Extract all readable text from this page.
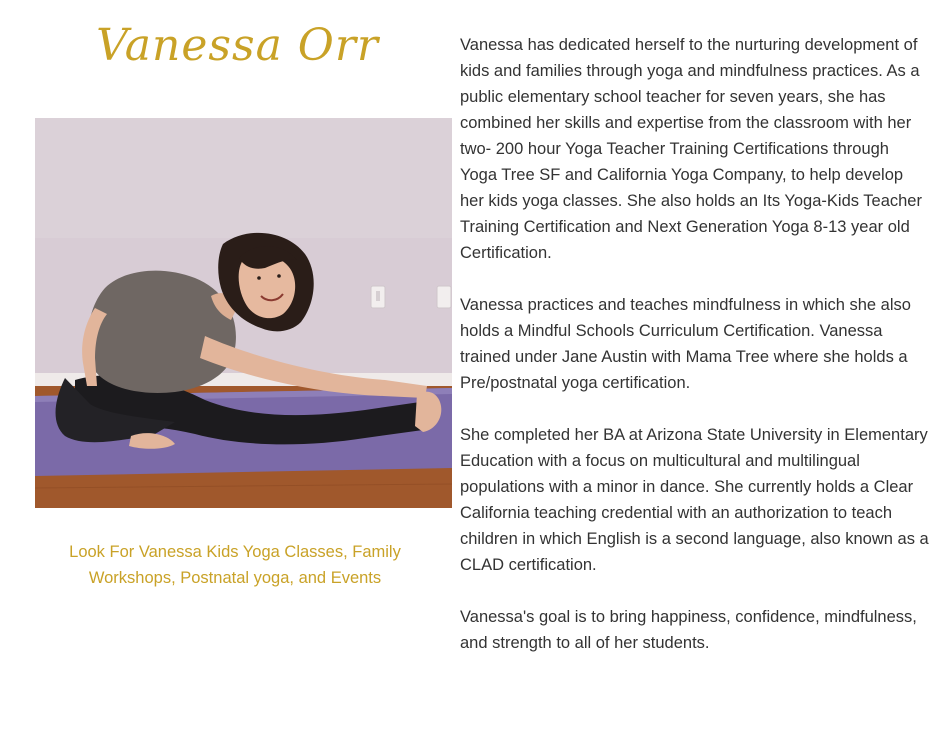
Vanessa Orr
Look For Vanessa Kids Yoga Classes, Family Workshops, Postnatal yoga, and Events

Vanessa has dedicated herself to the nurturing development of kids and families through yoga and mindfulness practices. As a public elementary school teacher for seven years, she has combined her skills and expertise from the classroom with her two- 200 hour Yoga Teacher Training Certifications through Yoga Tree SF and California Yoga Company, to help develop her kids yoga classes. She also holds an Its Yoga-Kids Teacher Training Certification and Next Generation Yoga 8-13 year old Certification.

Vanessa practices and teaches mindfulness in which she also holds a Mindful Schools Curriculum Certification. Vanessa trained under Jane Austin with Mama Tree where she holds a Pre/postnatal yoga certification.

She completed her BA at Arizona State University in Elementary Education with a focus on multicultural and multilingual populations with a minor in dance. She currently holds a Clear California teaching credential with an authorization to teach children in which English is a second language, also known as a CLAD certification.

Vanessa's goal is to bring happiness, confidence, mindfulness, and strength to all of her students.
